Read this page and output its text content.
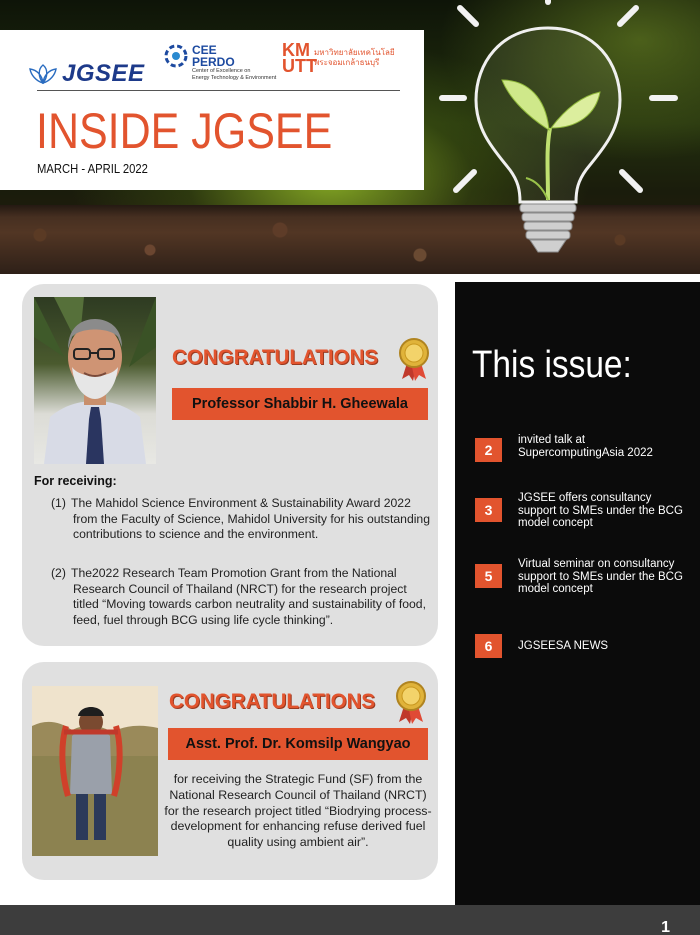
JGSEE
CEE
PERDO
Center of Excellence on
Energy Technology & Environment
KM
UTT
มหาวิทยาลัยเทคโนโลยี
พระจอมเกล้าธนบุรี
INSIDE JGSEE
MARCH - APRIL 2022
CONGRATULATIONS
Professor Shabbir H. Gheewala
For receiving:
(1) The Mahidol Science Environment & Sustainability Award 2022 from the Faculty of Science, Mahidol University for his outstanding contributions to science and the environment.
(2) The2022 Research Team Promotion Grant from the National Research Council of Thailand (NRCT) for the research project titled “Moving towards carbon neutrality and sustainability of food, feed, fuel through BCG using life cycle thinking”.
CONGRATULATIONS
Asst. Prof. Dr. Komsilp Wangyao
for receiving the Strategic Fund (SF) from the National Research Council of Thailand (NRCT) for the research project titled “Biodrying process-development for enhancing refuse derived fuel quality using ambient air”.
This issue:
2
invited talk at SupercomputingAsia 2022
3
JGSEE offers consultancy support to SMEs under the BCG model concept
5
Virtual seminar on consultancy support to SMEs under the BCG model concept
6	JGSEESA NEWS
1
